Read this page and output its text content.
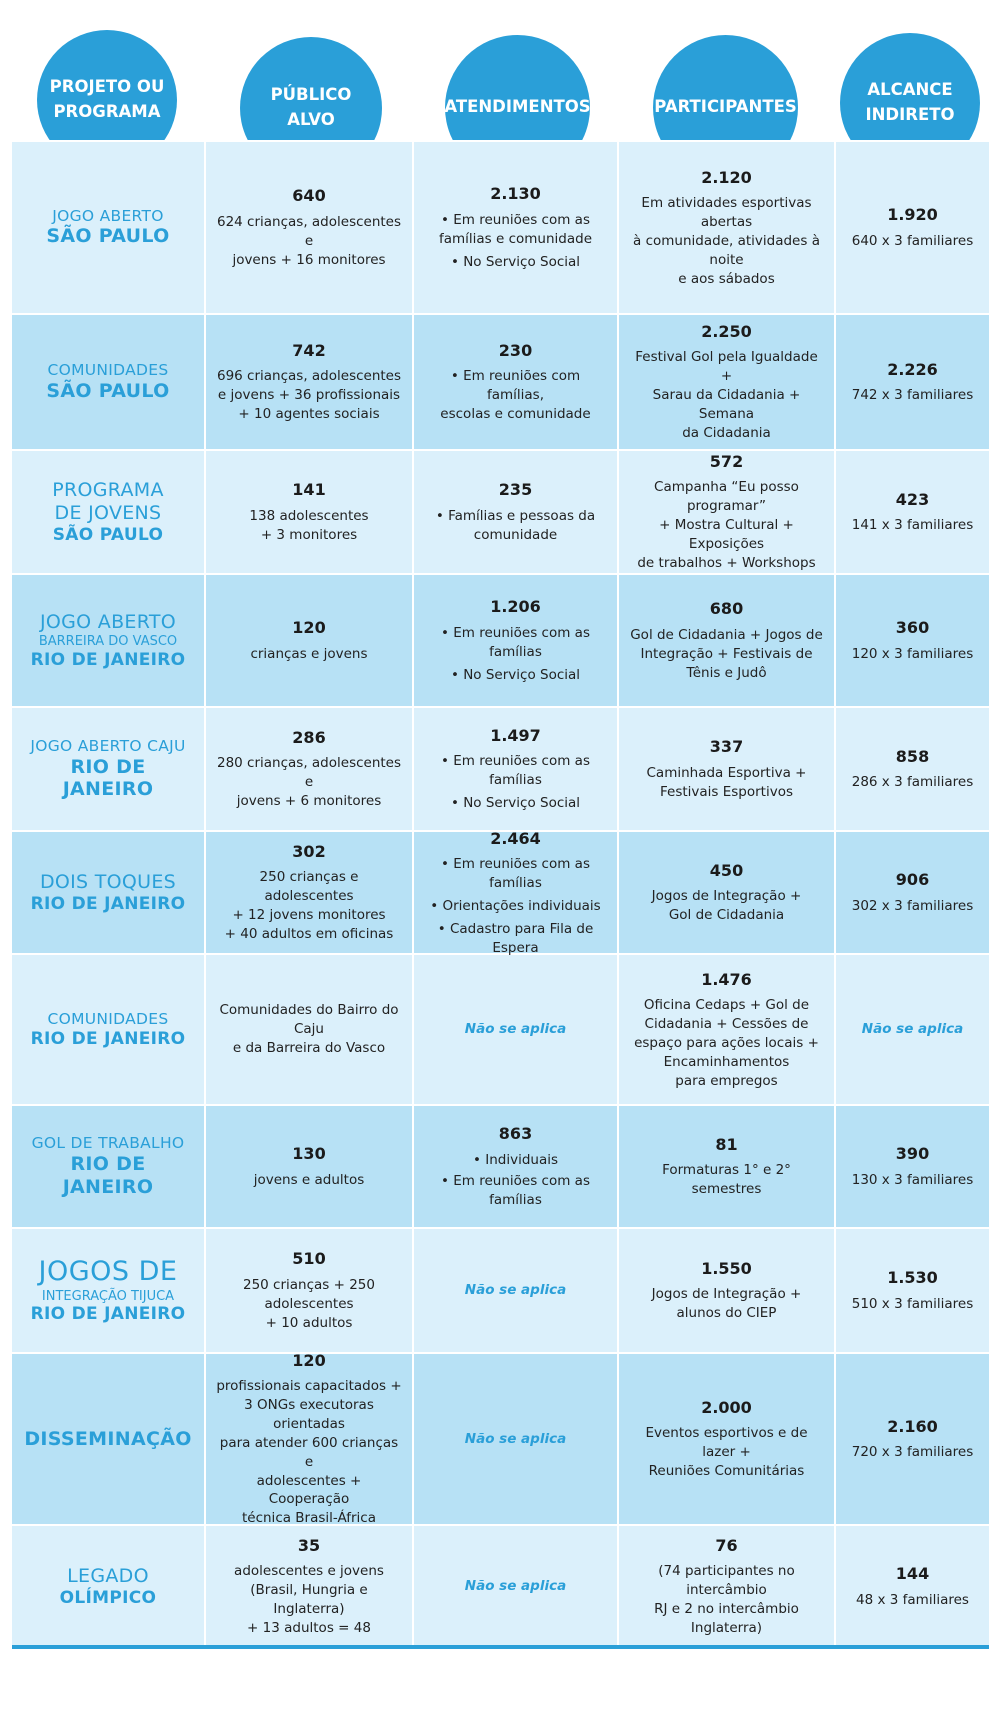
PROJETO OU PROGRAMA
PÚBLICO ALVO
ATENDIMENTOS	PARTICIPANTES
ALCANCE INDIRETO
JOGO ABERTO
SÃO PAULO
640
624 crianças, adolescentes e
jovens + 16 monitores
2.130
• Em reuniões com as
famílias e comunidade
• No Serviço Social
2.120
Em atividades esportivas abertas
à comunidade, atividades à noite
e aos sábados
1.920
640 x 3 familiares
COMUNIDADES
SÃO PAULO
742
696 crianças, adolescentes
e jovens + 36 profissionais
+ 10 agentes sociais
230
• Em reuniões com famílias,
escolas e comunidade
2.250
Festival Gol pela Igualdade +
Sarau da Cidadania + Semana
da Cidadania
2.226
742 x 3 familiares
PROGRAMA
DE JOVENS
SÃO PAULO
141
138 adolescentes
+ 3 monitores
235
• Famílias e pessoas da
comunidade
572
Campanha “Eu posso programar”
+ Mostra Cultural + Exposições
de trabalhos + Workshops
423
141 x 3 familiares
JOGO ABERTO
BARREIRA DO VASCO
RIO DE JANEIRO
120
crianças e jovens
1.206
• Em reuniões com as famílias
• No Serviço Social
680
Gol de Cidadania + Jogos de
Integração + Festivais de
Tênis e Judô
360
120 x 3 familiares
JOGO ABERTO CAJU
RIO DE JANEIRO
286
280 crianças, adolescentes e
jovens + 6 monitores
1.497
• Em reuniões com as famílias
• No Serviço Social
337
Caminhada Esportiva +
Festivais Esportivos
858
286 x 3 familiares
DOIS TOQUES
RIO DE JANEIRO
302
250 crianças e adolescentes
+ 12 jovens monitores
+ 40 adultos em oficinas
2.464
• Em reuniões com as famílias
• Orientações individuais
• Cadastro para Fila de Espera
450
Jogos de Integração +
Gol de Cidadania
906
302 x 3 familiares
COMUNIDADES
RIO DE JANEIRO
Comunidades do Bairro do Caju
e da Barreira do Vasco
Não se aplica
1.476
Oficina Cedaps + Gol de
Cidadania + Cessões de
espaço para ações locais +
Encaminhamentos
para empregos
Não se aplica
GOL DE TRABALHO
RIO DE JANEIRO
130
jovens e adultos
863
• Individuais
• Em reuniões com as famílias
81
Formaturas 1° e 2° semestres
390
130 x 3 familiares
JOGOS DE
INTEGRAÇÃO TIJUCA
RIO DE JANEIRO
510
250 crianças + 250 adolescentes
+ 10 adultos
Não se aplica
1.550
Jogos de Integração +
alunos do CIEP
1.530
510 x 3 familiares
DISSEMINAÇÃO
120
profissionais capacitados +
3 ONGs executoras orientadas
para atender 600 crianças e
adolescentes + Cooperação
técnica Brasil-África
Não se aplica
2.000
Eventos esportivos e de lazer +
Reuniões Comunitárias
2.160
720 x 3 familiares
LEGADO
OLÍMPICO
35
adolescentes e jovens
(Brasil, Hungria e Inglaterra)
+ 13 adultos = 48
Não se aplica
76
(74 participantes no intercâmbio
RJ e 2 no intercâmbio Inglaterra)
144
48 x 3 familiares
